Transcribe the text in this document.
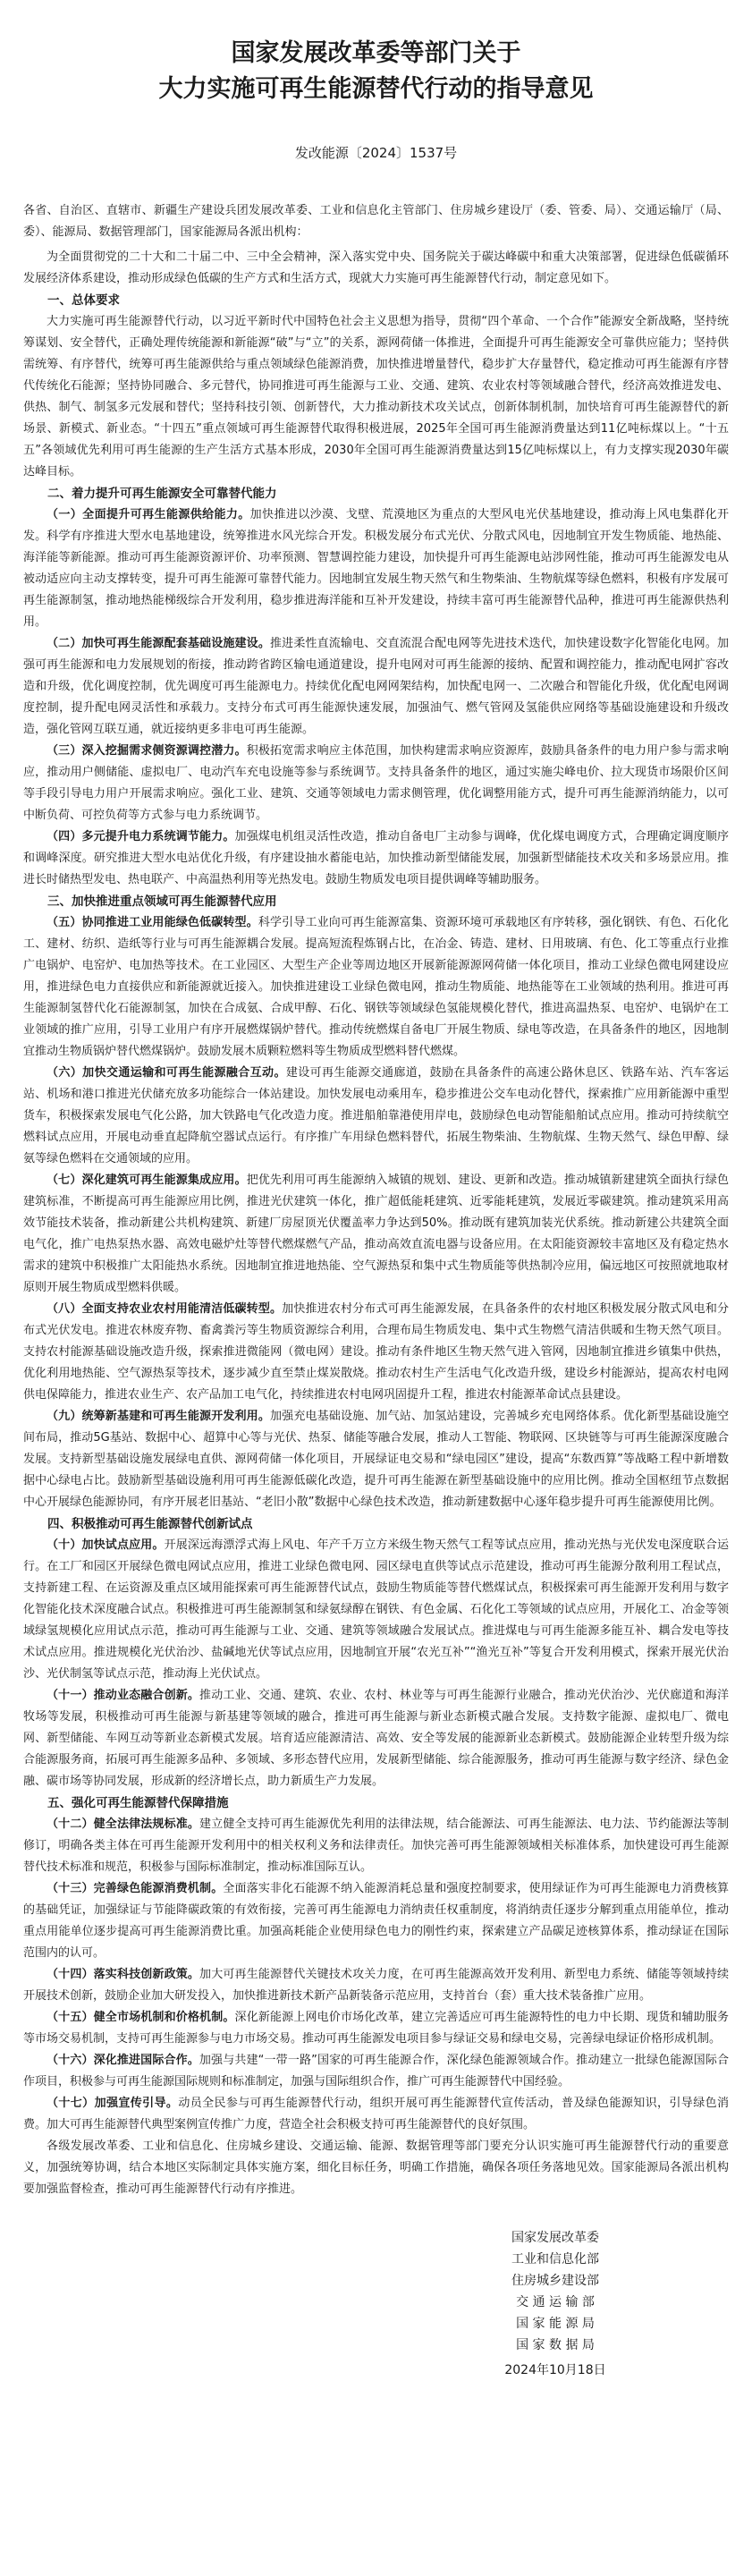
国家发展改革委等部门关于
大力实施可再生能源替代行动的指导意见
发改能源〔2024〕1537号

各省、自治区、直辖市、新疆生产建设兵团发展改革委、工业和信息化主管部门、住房城乡建设厅（委、管委、局）、交通运输厅（局、委）、能源局、数据管理部门，国家能源局各派出机构：

为全面贯彻党的二十大和二十届二中、三中全会精神，深入落实党中央、国务院关于碳达峰碳中和重大决策部署，促进绿色低碳循环发展经济体系建设，推动形成绿色低碳的生产方式和生活方式，现就大力实施可再生能源替代行动，制定意见如下。

一、总体要求

大力实施可再生能源替代行动，以习近平新时代中国特色社会主义思想为指导，贯彻“四个革命、一个合作”能源安全新战略，坚持统筹谋划、安全替代，正确处理传统能源和新能源“破”与“立”的关系，源网荷储一体推进，全面提升可再生能源安全可靠供应能力；坚持供需统筹、有序替代，统筹可再生能源供给与重点领域绿色能源消费，加快推进增量替代，稳步扩大存量替代，稳定推动可再生能源有序替代传统化石能源；坚持协同融合、多元替代，协同推进可再生能源与工业、交通、建筑、农业农村等领域融合替代，经济高效推进发电、供热、制气、制氢多元发展和替代；坚持科技引领、创新替代，大力推动新技术攻关试点，创新体制机制，加快培育可再生能源替代的新场景、新模式、新业态。“十四五”重点领域可再生能源替代取得积极进展，2025年全国可再生能源消费量达到11亿吨标煤以上。“十五五”各领域优先利用可再生能源的生产生活方式基本形成，2030年全国可再生能源消费量达到15亿吨标煤以上，有力支撑实现2030年碳达峰目标。

二、着力提升可再生能源安全可靠替代能力

（一）全面提升可再生能源供给能力。加快推进以沙漠、戈壁、荒漠地区为重点的大型风电光伏基地建设，推动海上风电集群化开发。科学有序推进大型水电基地建设，统筹推进水风光综合开发。积极发展分布式光伏、分散式风电，因地制宜开发生物质能、地热能、海洋能等新能源。推动可再生能源资源评价、功率预测、智慧调控能力建设，加快提升可再生能源电站涉网性能，推动可再生能源发电从被动适应向主动支撑转变，提升可再生能源可靠替代能力。因地制宜发展生物天然气和生物柴油、生物航煤等绿色燃料，积极有序发展可再生能源制氢，推动地热能梯级综合开发利用，稳步推进海洋能和互补开发建设，持续丰富可再生能源替代品种，推进可再生能源供热利用。

（二）加快可再生能源配套基础设施建设。推进柔性直流输电、交直流混合配电网等先进技术迭代，加快建设数字化智能化电网。加强可再生能源和电力发展规划的衔接，推动跨省跨区输电通道建设，提升电网对可再生能源的接纳、配置和调控能力，推动配电网扩容改造和升级，优化调度控制，优先调度可再生能源电力。持续优化配电网网架结构，加快配电网一、二次融合和智能化升级，优化配电网调度控制，提升配电网灵活性和承载力。支持分布式可再生能源快速发展，加强油气、燃气管网及氢能供应网络等基础设施建设和升级改造，强化管网互联互通，就近接纳更多非电可再生能源。

（三）深入挖掘需求侧资源调控潜力。积极拓宽需求响应主体范围，加快构建需求响应资源库，鼓励具备条件的电力用户参与需求响应，推动用户侧储能、虚拟电厂、电动汽车充电设施等参与系统调节。支持具备条件的地区，通过实施尖峰电价、拉大现货市场限价区间等手段引导电力用户开展需求响应。强化工业、建筑、交通等领域电力需求侧管理，优化调整用能方式，提升可再生能源消纳能力，以可中断负荷、可控负荷等方式参与电力系统调节。

（四）多元提升电力系统调节能力。加强煤电机组灵活性改造，推动自备电厂主动参与调峰，优化煤电调度方式，合理确定调度顺序和调峰深度。研究推进大型水电站优化升级，有序建设抽水蓄能电站，加快推动新型储能发展，加强新型储能技术攻关和多场景应用。推进长时储热型发电、热电联产、中高温热利用等光热发电。鼓励生物质发电项目提供调峰等辅助服务。

三、加快推进重点领域可再生能源替代应用

（五）协同推进工业用能绿色低碳转型。科学引导工业向可再生能源富集、资源环境可承载地区有序转移，强化钢铁、有色、石化化工、建材、纺织、造纸等行业与可再生能源耦合发展。提高短流程炼钢占比，在冶金、铸造、建材、日用玻璃、有色、化工等重点行业推广电锅炉、电窑炉、电加热等技术。在工业园区、大型生产企业等周边地区开展新能源源网荷储一体化项目，推动工业绿色微电网建设应用，推进绿色电力直接供应和新能源就近接入。加快推进建设工业绿色微电网，推动生物质能、地热能等在工业领域的热利用。推进可再生能源制氢替代化石能源制氢，加快在合成氨、合成甲醇、石化、钢铁等领域绿色氢能规模化替代，推进高温热泵、电窑炉、电锅炉在工业领域的推广应用，引导工业用户有序开展燃煤锅炉替代。推动传统燃煤自备电厂开展生物质、绿电等改造，在具备条件的地区，因地制宜推动生物质锅炉替代燃煤锅炉。鼓励发展木质颗粒燃料等生物质成型燃料替代燃煤。

（六）加快交通运输和可再生能源融合互动。建设可再生能源交通廊道，鼓励在具备条件的高速公路休息区、铁路车站、汽车客运站、机场和港口推进光伏储充放多功能综合一体站建设。加快发展电动乘用车，稳步推进公交车电动化替代，探索推广应用新能源中重型货车，积极探索发展电气化公路，加大铁路电气化改造力度。推进船舶靠港使用岸电，鼓励绿色电动智能船舶试点应用。推动可持续航空燃料试点应用，开展电动垂直起降航空器试点运行。有序推广车用绿色燃料替代，拓展生物柴油、生物航煤、生物天然气、绿色甲醇、绿氨等绿色燃料在交通领域的应用。

（七）深化建筑可再生能源集成应用。把优先利用可再生能源纳入城镇的规划、建设、更新和改造。推动城镇新建建筑全面执行绿色建筑标准，不断提高可再生能源应用比例，推进光伏建筑一体化，推广超低能耗建筑、近零能耗建筑，发展近零碳建筑。推动建筑采用高效节能技术装备，推动新建公共机构建筑、新建厂房屋顶光伏覆盖率力争达到50%。推动既有建筑加装光伏系统。推动新建公共建筑全面电气化，推广电热泵热水器、高效电磁炉灶等替代燃煤燃气产品，推动高效直流电器与设备应用。在太阳能资源较丰富地区及有稳定热水需求的建筑中积极推广太阳能热水系统。因地制宜推进地热能、空气源热泵和集中式生物质能等供热制冷应用，偏远地区可按照就地取材原则开展生物质成型燃料供暖。

（八）全面支持农业农村用能清洁低碳转型。加快推进农村分布式可再生能源发展，在具备条件的农村地区积极发展分散式风电和分布式光伏发电。推进农林废弃物、畜禽粪污等生物质资源综合利用，合理布局生物质发电、集中式生物燃气清洁供暖和生物天然气项目。支持农村能源基础设施改造升级，探索推进微能网（微电网）建设。推动有条件地区生物天然气进入管网，因地制宜推进乡镇集中供热，优化利用地热能、空气源热泵等技术，逐步减少直至禁止煤炭散烧。推动农村生产生活电气化改造升级，建设乡村能源站，提高农村电网供电保障能力，推进农业生产、农产品加工电气化，持续推进农村电网巩固提升工程，推进农村能源革命试点县建设。

（九）统筹新基建和可再生能源开发利用。加强充电基础设施、加气站、加氢站建设，完善城乡充电网络体系。优化新型基础设施空间布局，推动5G基站、数据中心、超算中心等与光伏、热泵、储能等融合发展，推动人工智能、物联网、区块链等与可再生能源深度融合发展。支持新型基础设施发展绿电直供、源网荷储一体化项目，开展绿证电交易和“绿电园区”建设，提高“东数西算”等战略工程中新增数据中心绿电占比。鼓励新型基础设施利用可再生能源低碳化改造，提升可再生能源在新型基础设施中的应用比例。推动全国枢纽节点数据中心开展绿色能源协同，有序开展老旧基站、“老旧小散”数据中心绿色技术改造，推动新建数据中心逐年稳步提升可再生能源使用比例。

四、积极推动可再生能源替代创新试点

（十）加快试点应用。开展深远海漂浮式海上风电、年产千万立方米级生物天然气工程等试点应用，推动光热与光伏发电深度联合运行。在工厂和园区开展绿色微电网试点应用，推进工业绿色微电网、园区绿电直供等试点示范建设，推动可再生能源分散利用工程试点，支持新建工程、在运资源及重点区域用能探索可再生能源替代试点，鼓励生物质能等替代燃煤试点，积极探索可再生能源开发利用与数字化智能化技术深度融合试点。积极推进可再生能源制氢和绿氨绿醇在钢铁、有色金属、石化化工等领域的试点应用，开展化工、冶金等领域绿氢规模化应用试点示范，推动可再生能源与工业、交通、建筑等领域融合发展试点。推进煤电与可再生能源多能互补、耦合发电等技术试点应用。推进规模化光伏治沙、盐碱地光伏等试点应用，因地制宜开展“农光互补”“渔光互补”等复合开发利用模式，探索开展光伏治沙、光伏制氢等试点示范，推动海上光伏试点。

（十一）推动业态融合创新。推动工业、交通、建筑、农业、农村、林业等与可再生能源行业融合，推动光伏治沙、光伏廊道和海洋牧场等发展，积极推动可再生能源与新基建等领域的融合，推进可再生能源与新业态新模式融合发展。支持数字能源、虚拟电厂、微电网、新型储能、车网互动等新业态新模式发展。培育适应能源清洁、高效、安全等发展的能源新业态新模式。鼓励能源企业转型升级为综合能源服务商，拓展可再生能源多品种、多领域、多形态替代应用，发展新型储能、综合能源服务，推动可再生能源与数字经济、绿色金融、碳市场等协同发展，形成新的经济增长点，助力新质生产力发展。

五、强化可再生能源替代保障措施

（十二）健全法律法规标准。建立健全支持可再生能源优先利用的法律法规，结合能源法、可再生能源法、电力法、节约能源法等制修订，明确各类主体在可再生能源开发利用中的相关权利义务和法律责任。加快完善可再生能源领域相关标准体系，加快建设可再生能源替代技术标准和规范，积极参与国际标准制定，推动标准国际互认。

（十三）完善绿色能源消费机制。全面落实非化石能源不纳入能源消耗总量和强度控制要求，使用绿证作为可再生能源电力消费核算的基础凭证，加强绿证与节能降碳政策的有效衔接，完善可再生能源电力消纳责任权重制度，将消纳责任逐步分解到重点用能单位，推动重点用能单位逐步提高可再生能源消费比重。加强高耗能企业使用绿色电力的刚性约束，探索建立产品碳足迹核算体系，推动绿证在国际范围内的认可。

（十四）落实科技创新政策。加大可再生能源替代关键技术攻关力度，在可再生能源高效开发利用、新型电力系统、储能等领域持续开展技术创新，鼓励企业加大研发投入，加快推进新技术新产品新装备示范应用，支持首台（套）重大技术装备推广应用。

（十五）健全市场机制和价格机制。深化新能源上网电价市场化改革，建立完善适应可再生能源特性的电力中长期、现货和辅助服务等市场交易机制，支持可再生能源参与电力市场交易。推动可再生能源发电项目参与绿证交易和绿电交易，完善绿电绿证价格形成机制。

（十六）深化推进国际合作。加强与共建“一带一路”国家的可再生能源合作，深化绿色能源领域合作。推动建立一批绿色能源国际合作项目，积极参与可再生能源国际规则和标准制定，加强与国际组织合作，推广可再生能源替代中国经验。

（十七）加强宣传引导。动员全民参与可再生能源替代行动，组织开展可再生能源替代宣传活动，普及绿色能源知识，引导绿色消费。加大可再生能源替代典型案例宣传推广力度，营造全社会积极支持可再生能源替代的良好氛围。

各级发展改革委、工业和信息化、住房城乡建设、交通运输、能源、数据管理等部门要充分认识实施可再生能源替代行动的重要意义，加强统筹协调，结合本地区实际制定具体实施方案，细化目标任务，明确工作措施，确保各项任务落地见效。国家能源局各派出机构要加强监督检查，推动可再生能源替代行动有序推进。

国家发展改革委

工业和信息化部

住房城乡建设部

交 通 运 输 部

国 家 能 源 局

国 家 数 据 局

2024年10月18日
